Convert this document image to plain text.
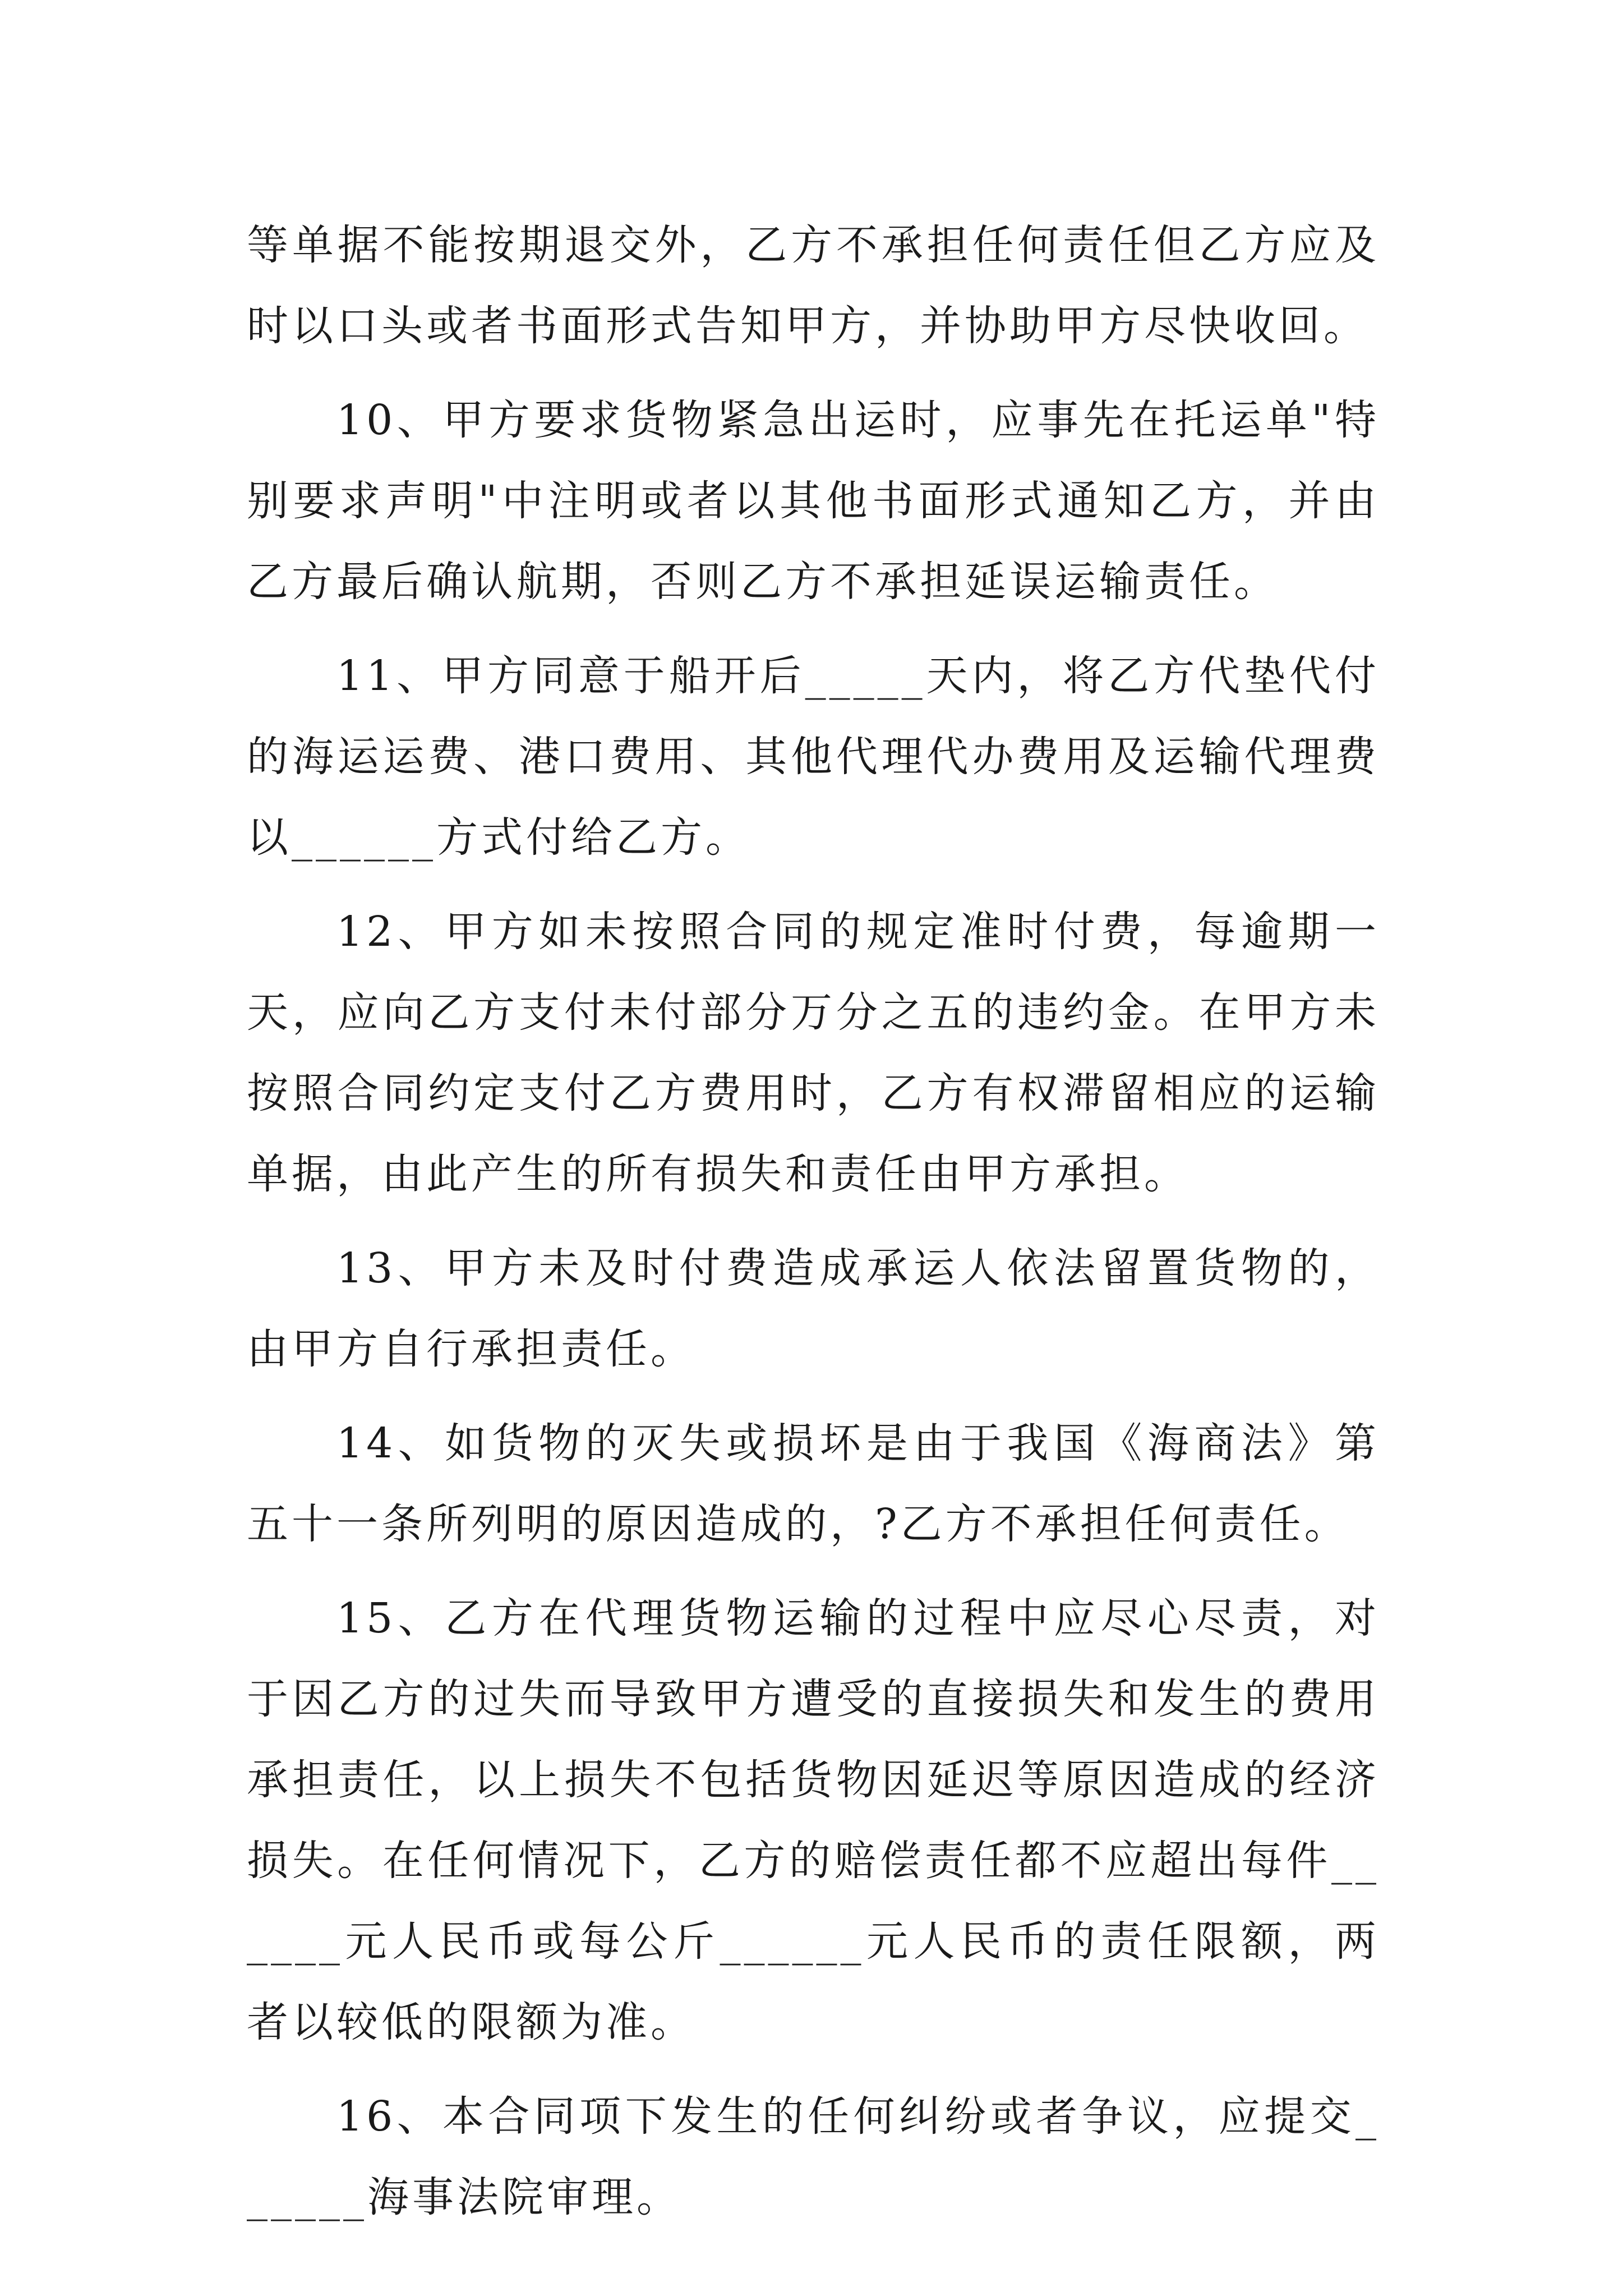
等单据不能按期退交外，乙方不承担任何责任但乙方应及时以口头或者书面形式告知甲方，并协助甲方尽快收回。

10、甲方要求货物紧急出运时，应事先在托运单"特别要求声明"中注明或者以其他书面形式通知乙方，并由乙方最后确认航期，否则乙方不承担延误运输责任。

11、甲方同意于船开后_____天内，将乙方代垫代付的海运运费、港口费用、其他代理代办费用及运输代理费以______方式付给乙方。

12、甲方如未按照合同的规定准时付费，每逾期一天，应向乙方支付未付部分万分之五的违约金。在甲方未按照合同约定支付乙方费用时，乙方有权滞留相应的运输单据，由此产生的所有损失和责任由甲方承担。

13、甲方未及时付费造成承运人依法留置货物的，由甲方自行承担责任。

14、如货物的灭失或损坏是由于我国《海商法》第五十一条所列明的原因造成的，?乙方不承担任何责任。

15、乙方在代理货物运输的过程中应尽心尽责，对于因乙方的过失而导致甲方遭受的直接损失和发生的费用承担责任，以上损失不包括货物因延迟等原因造成的经济损失。在任何情况下，乙方的赔偿责任都不应超出每件______元人民币或每公斤______元人民币的责任限额，两者以较低的限额为准。

16、本合同项下发生的任何纠纷或者争议，应提交______海事法院审理。
